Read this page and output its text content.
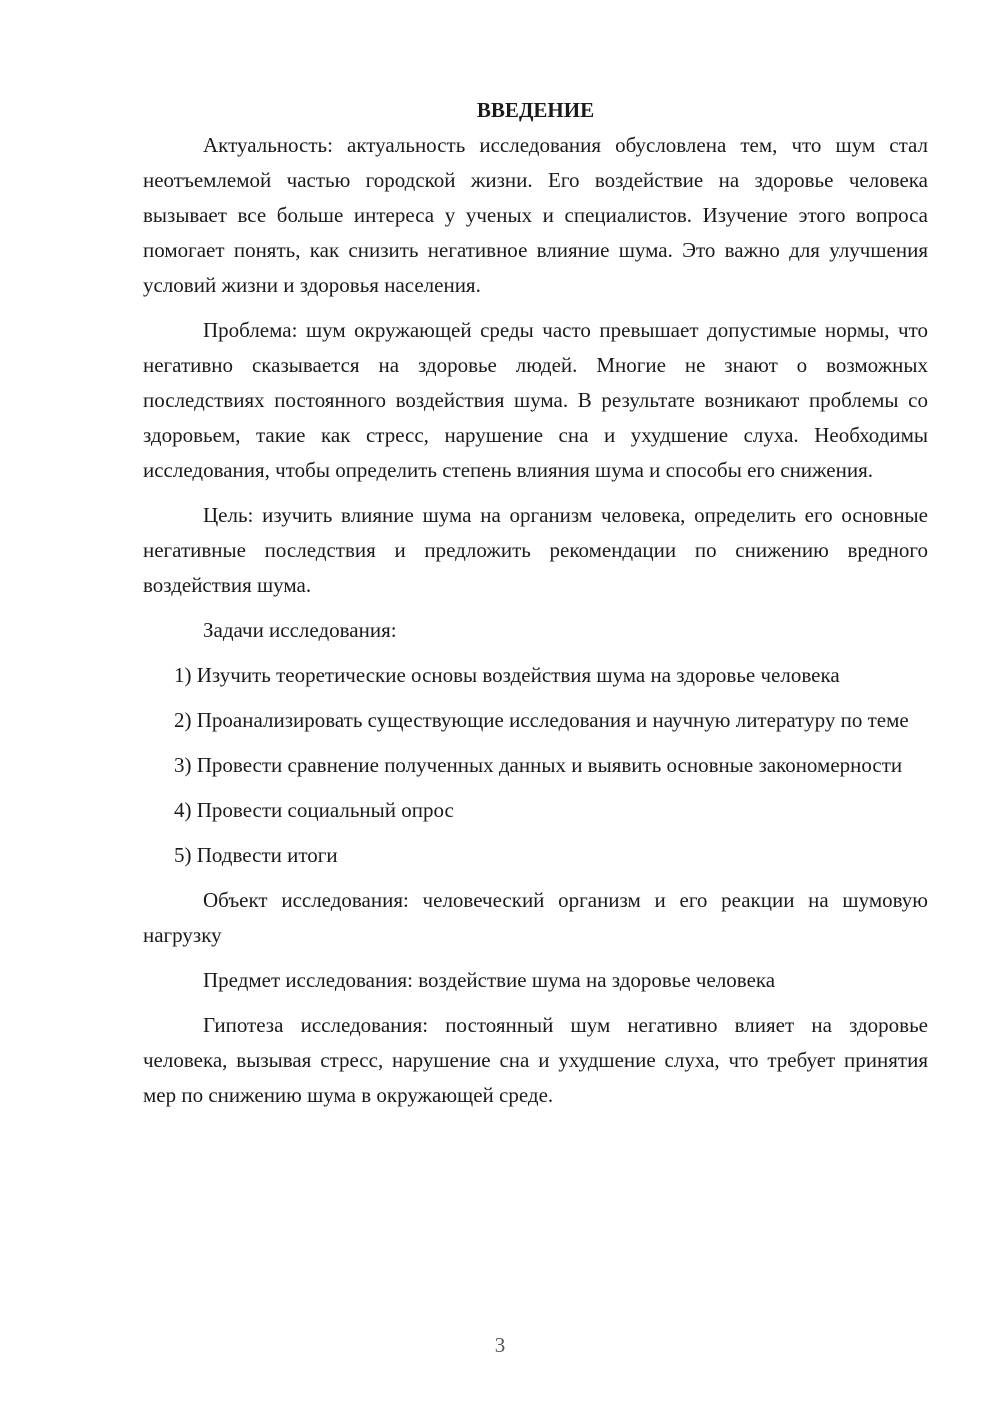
ВВЕДЕНИЕ

Актуальность: актуальность исследования обусловлена тем, что шум стал неотъемлемой частью городской жизни. Его воздействие на здоровье человека вызывает все больше интереса у ученых и специалистов. Изучение этого вопроса помогает понять, как снизить негативное влияние шума. Это важно для улучшения условий жизни и здоровья населения.

Проблема: шум окружающей среды часто превышает допустимые нормы, что негативно сказывается на здоровье людей. Многие не знают о возможных последствиях постоянного воздействия шума. В результате возникают проблемы со здоровьем, такие как стресс, нарушение сна и ухудшение слуха. Необходимы исследования, чтобы определить степень влияния шума и способы его снижения.

Цель: изучить влияние шума на организм человека, определить его основные негативные последствия и предложить рекомендации по снижению вредного воздействия шума.

Задачи исследования:

1) Изучить теоретические основы воздействия шума на здоровье человека

2) Проанализировать существующие исследования и научную литературу по теме

3) Провести сравнение полученных данных и выявить основные закономерности

4) Провести социальный опрос

5) Подвести итоги

Объект исследования: человеческий организм и его реакции на шумовую нагрузку

Предмет исследования: воздействие шума на здоровье человека

Гипотеза исследования: постоянный шум негативно влияет на здоровье человека, вызывая стресс, нарушение сна и ухудшение слуха, что требует принятия мер по снижению шума в окружающей среде.

3
